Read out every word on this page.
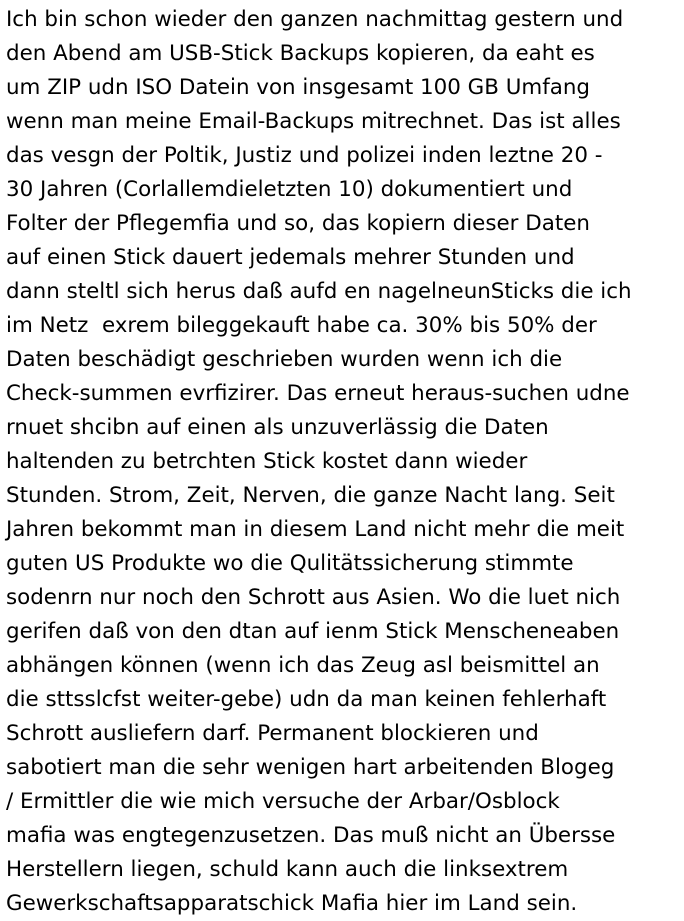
Ich bin schon wieder den ganzen nachmittag gestern und
den Abend am USB-Stick Backups kopieren, da eaht es
um ZIP udn ISO Datein von insgesamt 100 GB Umfang
wenn man meine Email-Backups mitrechnet. Das ist alles
das vesgn der Poltik, Justiz und polizei inden leztne 20 -
30 Jahren (Corlallemdieletzten 10) dokumentiert und
Folter der Pflegemfia und so, das kopiern dieser Daten
auf einen Stick dauert jedemals mehrer Stunden und
dann steltl sich herus daß aufd en nagelneunSticks die ich
im Netz  exrem bileggekauft habe ca. 30% bis 50% der
Daten beschädigt geschrieben wurden wenn ich die
Check-summen evrfizirer. Das erneut heraus-suchen udne
rnuet shcibn auf einen als unzuverlässig die Daten
haltenden zu betrchten Stick kostet dann wieder
Stunden. Strom, Zeit, Nerven, die ganze Nacht lang. Seit
Jahren bekommt man in diesem Land nicht mehr die meit
guten US Produkte wo die Qulitätssicherung stimmte
sodenrn nur noch den Schrott aus Asien. Wo die luet nich
gerifen daß von den dtan auf ienm Stick Menscheneaben
abhängen können (wenn ich das Zeug asl beismittel an
die sttsslcfst weiter-gebe) udn da man keinen fehlerhaft
Schrott ausliefern darf. Permanent blockieren und
sabotiert man die sehr wenigen hart arbeitenden Blogeg
/ Ermittler die wie mich versuche der Arbar/Osblock
mafia was engtegenzusetzen. Das muß nicht an Übersse
Herstellern liegen, schuld kann auch die linksextrem
Gewerkschaftsapparatschick Mafia hier im Land sein.
